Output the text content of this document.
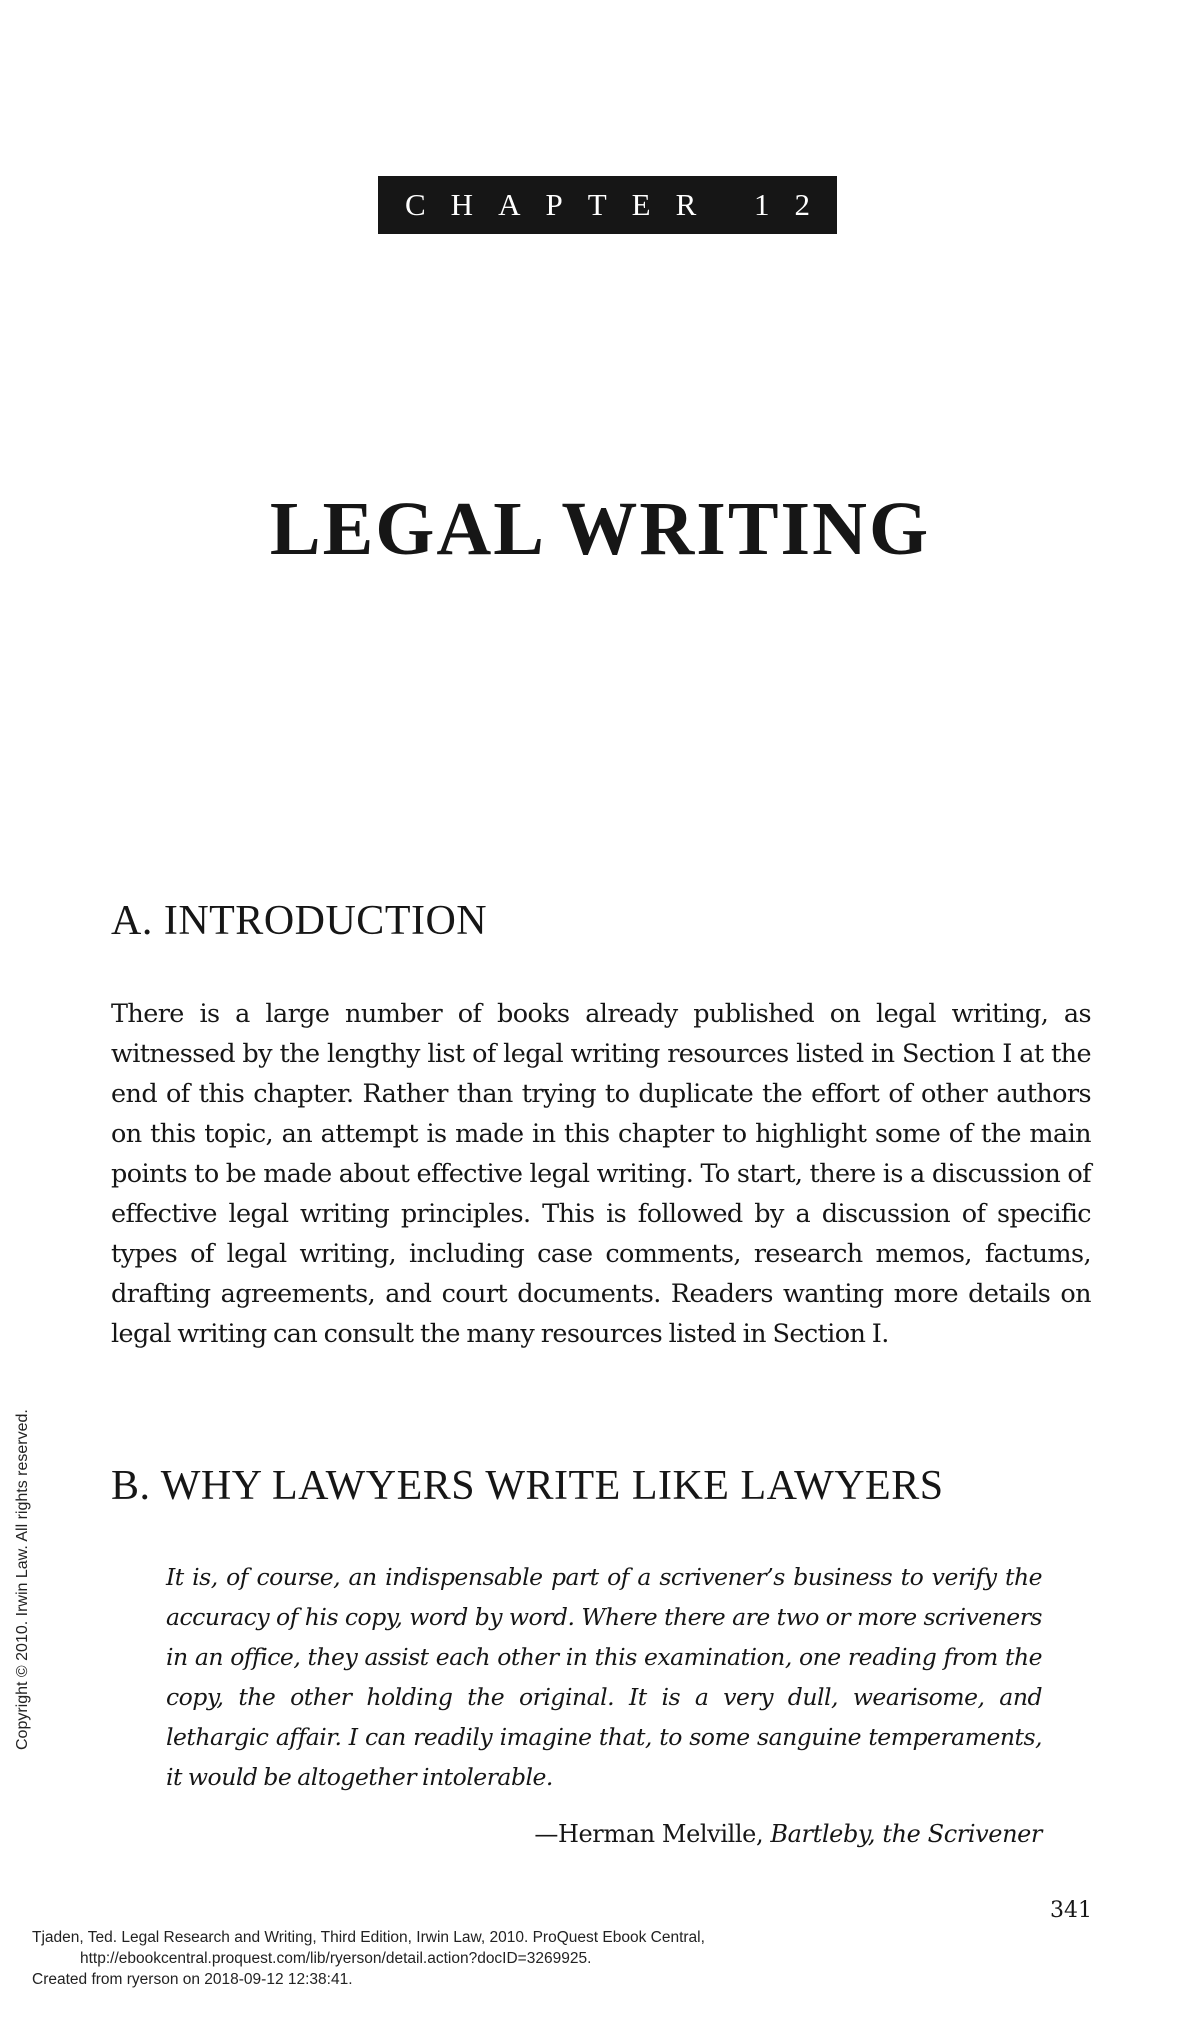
CHAPTER 12
LEGAL WRITING
A. INTRODUCTION

There is a large number of books already published on legal writing, as witnessed by the lengthy list of legal writing resources listed in Section I at the end of this chapter. Rather than trying to duplicate the effort of other authors on this topic, an attempt is made in this chapter to highlight some of the main points to be made about effective legal writing. To start, there is a discussion of effective legal writing principles. This is followed by a discussion of specific types of legal writing, including case comments, research memos, factums, drafting agreements, and court documents. Readers wanting more details on legal writing can consult the many resources listed in Section I.

B. WHY LAWYERS WRITE LIKE LAWYERS

It is, of course, an indispensable part of a scrivener’s business to verify the accuracy of his copy, word by word. Where there are two or more scriveners in an office, they assist each other in this examination, one reading from the copy, the other holding the original. It is a very dull, wearisome, and lethargic affair. I can readily imagine that, to some sanguine temperaments, it would be altogether intolerable.

—Herman Melville, Bartleby, the Scrivener

341
Copyright © 2010. Irwin Law. All rights reserved.
Tjaden, Ted. Legal Research and Writing, Third Edition, Irwin Law, 2010. ProQuest Ebook Central,
http://ebookcentral.proquest.com/lib/ryerson/detail.action?docID=3269925.
Created from ryerson on 2018-09-12 12:38:41.
